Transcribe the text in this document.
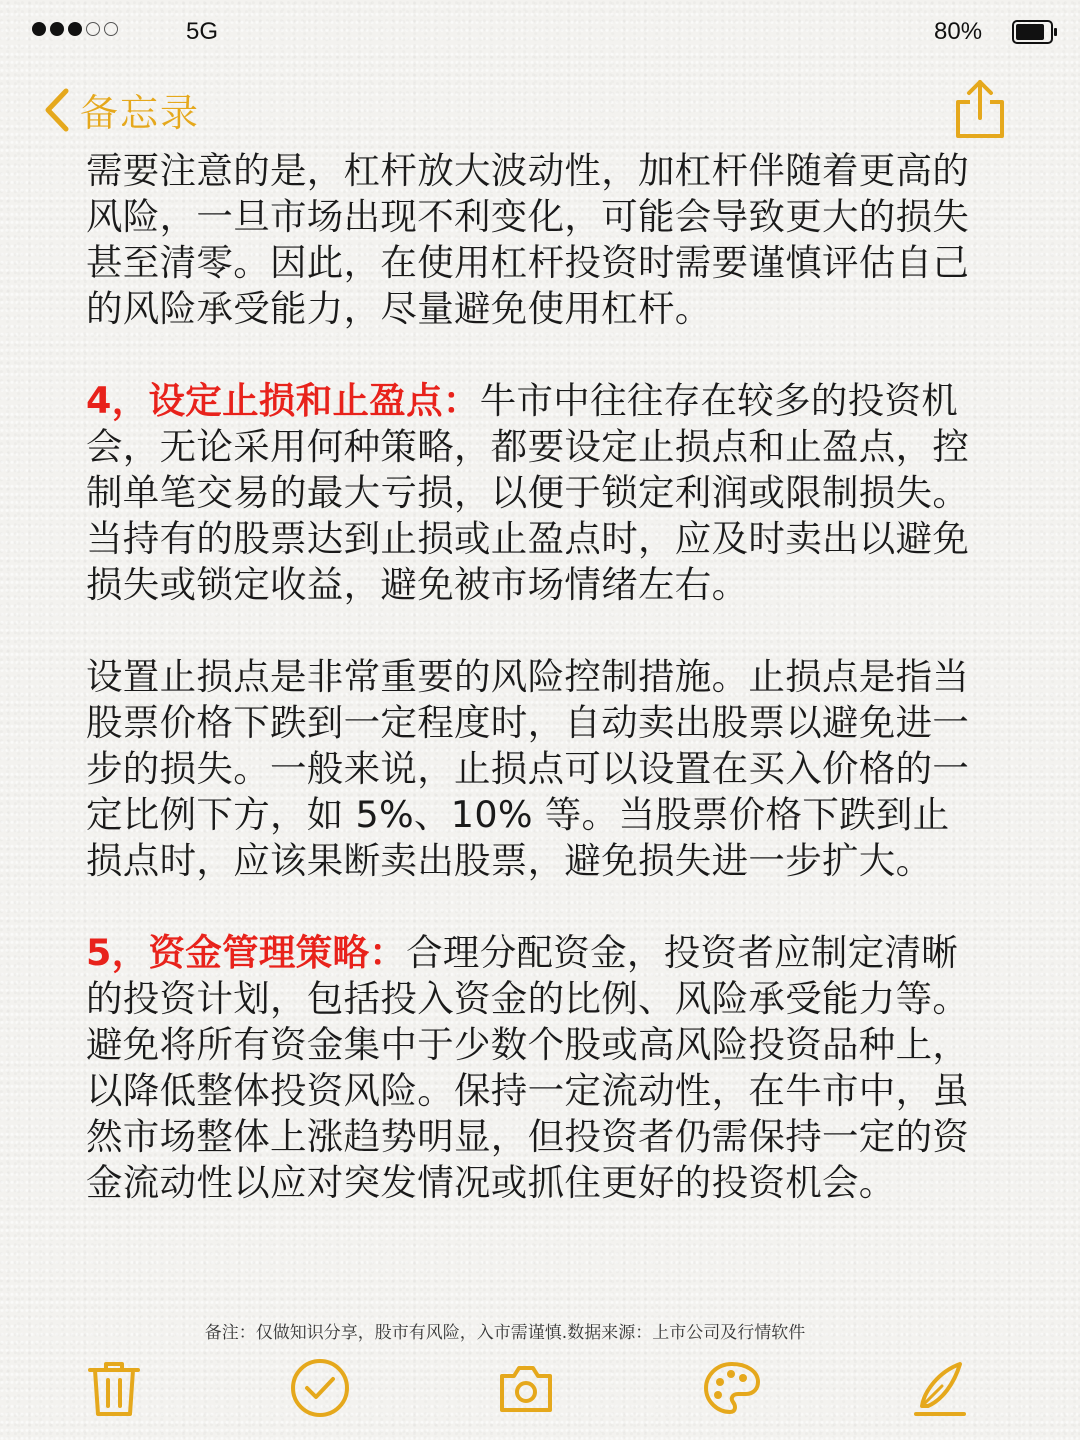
5G	80%
备忘录

需要注意的是，杠杆放大波动性，加杠杆伴随着更高的风险，一旦市场出现不利变化，可能会导致更大的损失甚至清零。因此，在使用杠杆投资时需要谨慎评估自己的风险承受能力，尽量避免使用杠杆。

4，设定止损和止盈点：牛市中往往存在较多的投资机会，无论采用何种策略，都要设定止损点和止盈点，控制单笔交易的最大亏损，以便于锁定利润或限制损失。当持有的股票达到止损或止盈点时，应及时卖出以避免损失或锁定收益，避免被市场情绪左右。

设置止损点是非常重要的风险控制措施。止损点是指当股票价格下跌到一定程度时，自动卖出股票以避免进一步的损失。一般来说，止损点可以设置在买入价格的一定比例下方，如 5%、10% 等。当股票价格下跌到止损点时，应该果断卖出股票，避免损失进一步扩大。

5，资金管理策略：合理分配资金，投资者应制定清晰的投资计划，包括投入资金的比例、风险承受能力等。避免将所有资金集中于少数个股或高风险投资品种上，以降低整体投资风险。保持一定流动性，在牛市中，虽然市场整体上涨趋势明显，但投资者仍需保持一定的资金流动性以应对突发情况或抓住更好的投资机会。

备注：仅做知识分享，股市有风险，入市需谨慎.数据来源：上市公司及行情软件
